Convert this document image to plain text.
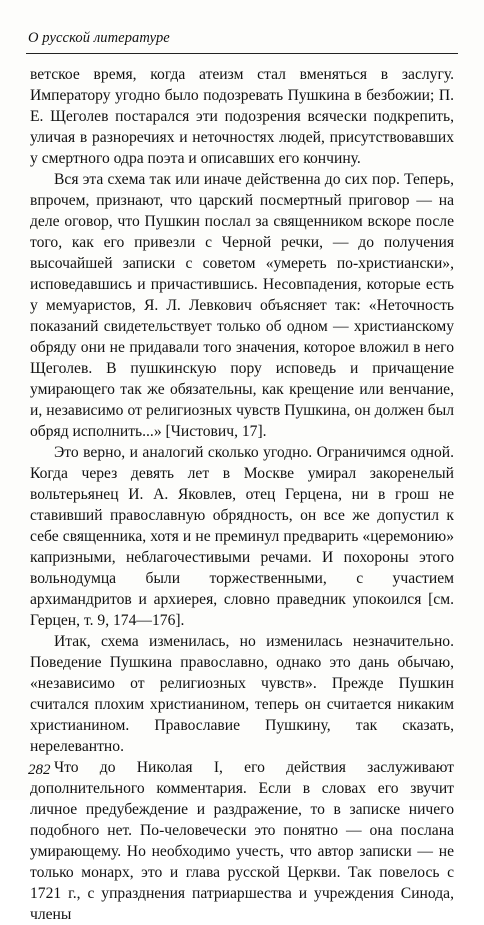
О русской литературе

ветское время, когда атеизм стал вменяться в заслугу. Императору угодно было подозревать Пушкина в безбожии; П. Е. Щеголев постарался эти подозрения всячески подкрепить, уличая в разноречиях и неточностях людей, присутствовавших у смертного одра поэта и описавших его кончину.

Вся эта схема так или иначе действенна до сих пор. Теперь, впрочем, признают, что царский посмертный приговор — на деле оговор, что Пушкин послал за священником вскоре после того, как его привезли с Черной речки, — до получения высочайшей записки с советом «умереть по-христиански», исповедавшись и причастившись. Несовпадения, которые есть у мемуаристов, Я. Л. Левкович объясняет так: «Неточность показаний свидетельствует только об одном — христианскому обряду они не придавали того значения, которое вложил в него Щеголев. В пушкинскую пору исповедь и причащение умирающего так же обязательны, как крещение или венчание, и, независимо от религиозных чувств Пушкина, он должен был обряд исполнить...» [Чистович, 17].

Это верно, и аналогий сколько угодно. Ограничимся одной. Когда через девять лет в Москве умирал закоренелый вольтерьянец И. А. Яковлев, отец Герцена, ни в грош не ставивший православную обрядность, он все же допустил к себе священника, хотя и не преминул предварить «церемонию» капризными, неблагочестивыми речами. И похороны этого вольнодумца были торжественными, с участием архимандритов и архиерея, словно праведник упокоился [см. Герцен, т. 9, 174—176].

Итак, схема изменилась, но изменилась незначительно. Поведение Пушкина православно, однако это дань обычаю, «независимо от религиозных чувств». Прежде Пушкин считался плохим христианином, теперь он считается никаким христианином. Православие Пушкину, так сказать, нерелевантно.

Что до Николая I, его действия заслуживают дополнительного комментария. Если в словах его звучит личное предубеждение и раздражение, то в записке ничего подобного нет. По-человечески это понятно — она послана умирающему. Но необходимо учесть, что автор записки — не только монарх, это и глава русской Церкви. Так повелось с 1721 г., с упразднения патриаршества и учреждения Синода, члены

282
